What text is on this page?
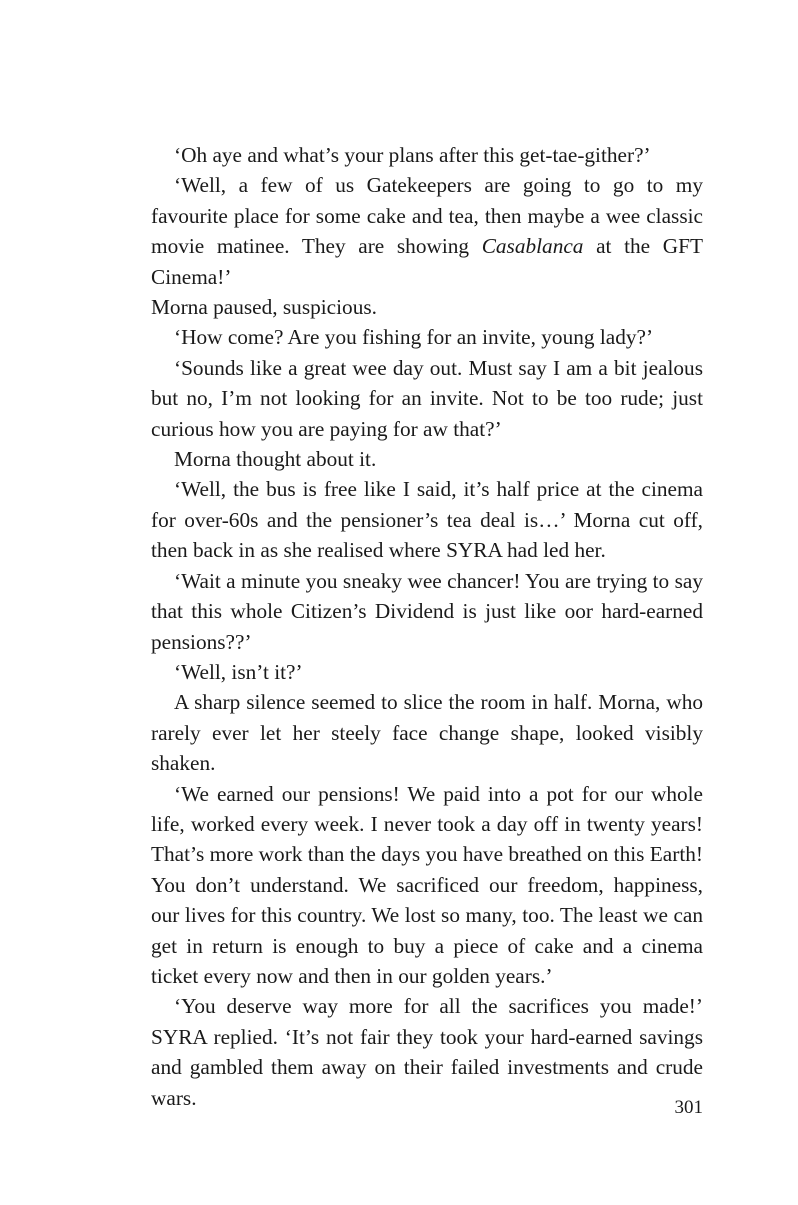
‘Oh aye and what’s your plans after this get-tae-gither?’

‘Well, a few of us Gatekeepers are going to go to my favourite place for some cake and tea, then maybe a wee classic movie matinee. They are showing Casablanca at the GFT Cinema!’

Morna paused, suspicious.

‘How come? Are you fishing for an invite, young lady?’

‘Sounds like a great wee day out. Must say I am a bit jealous but no, I’m not looking for an invite. Not to be too rude; just curious how you are paying for aw that?’

Morna thought about it.

‘Well, the bus is free like I said, it’s half price at the cinema for over-60s and the pensioner’s tea deal is…’ Morna cut off, then back in as she realised where SYRA had led her.

‘Wait a minute you sneaky wee chancer! You are trying to say that this whole Citizen’s Dividend is just like oor hard-earned pensions??’

‘Well, isn’t it?’

A sharp silence seemed to slice the room in half. Morna, who rarely ever let her steely face change shape, looked visibly shaken.

‘We earned our pensions! We paid into a pot for our whole life, worked every week. I never took a day off in twenty years! That’s more work than the days you have breathed on this Earth! You don’t understand. We sacrificed our freedom, happiness, our lives for this country. We lost so many, too. The least we can get in return is enough to buy a piece of cake and a cinema ticket every now and then in our golden years.’

‘You deserve way more for all the sacrifices you made!’ SYRA replied. ‘It’s not fair they took your hard-earned savings and gambled them away on their failed investments and crude wars.	301
